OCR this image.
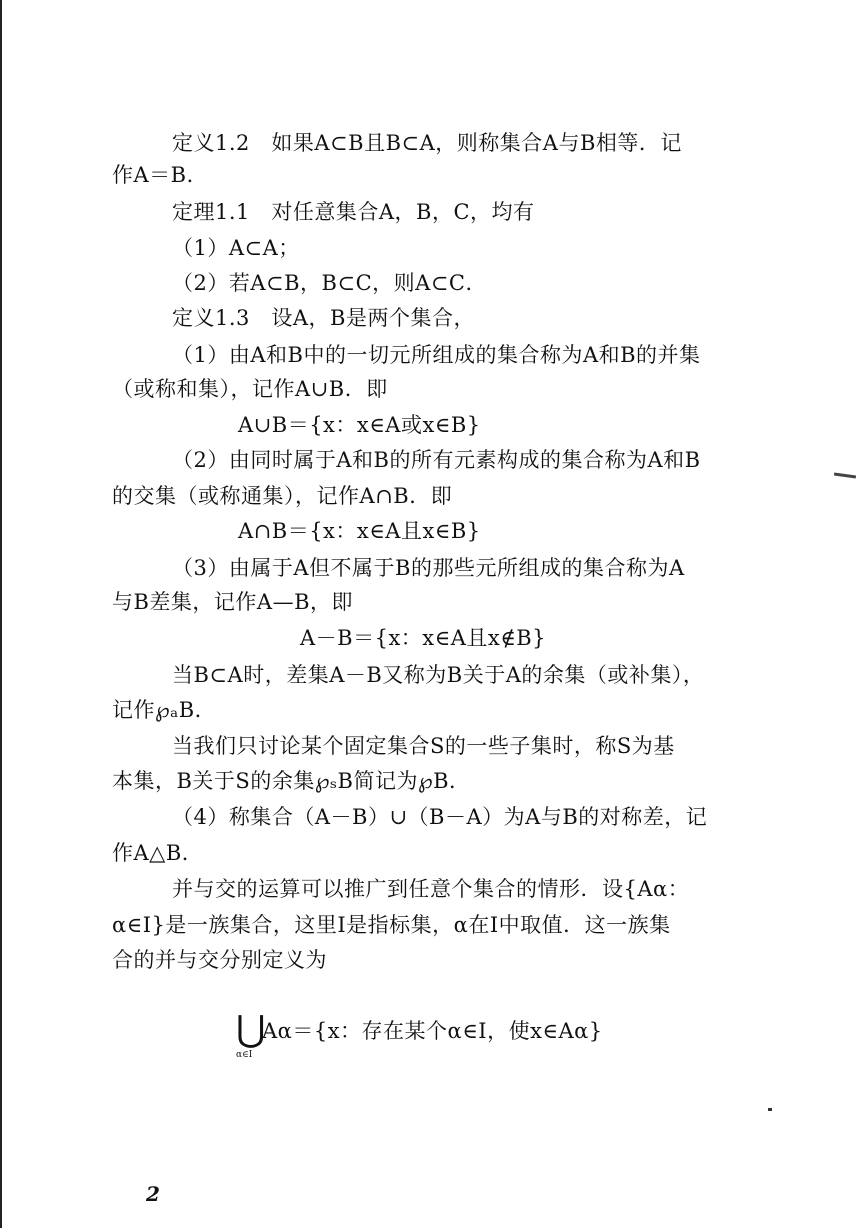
定义1.2　如果A⊂B且B⊂A，则称集合A与B相等．记
作A＝B．
定理1.1　对任意集合A，B，C，均有
（1）A⊂A；
（2）若A⊂B，B⊂C，则A⊂C．
定义1.3　设A，B是两个集合，
（1）由A和B中的一切元所组成的集合称为A和B的并集
（或称和集），记作A∪B．即
A∪B＝{x：x∈A或x∈B}
（2）由同时属于A和B的所有元素构成的集合称为A和B
的交集（或称通集），记作A∩B．即
A∩B＝{x：x∈A且x∈B}
（3）由属于A但不属于B的那些元所组成的集合称为A
与B差集，记作A—B，即
A－B＝{x：x∈A且x∉B}
当B⊂A时，差集A－B又称为B关于A的余集（或补集），
记作℘ₐB．
当我们只讨论某个固定集合S的一些子集时，称S为基
本集，B关于S的余集℘ₛB简记为℘B．
（4）称集合（A－B）∪（B－A）为A与B的对称差，记
作A△B．
并与交的运算可以推广到任意个集合的情形．设{Aα：
α∈I}是一族集合，这里I是指标集，α在I中取值．这一族集
合的并与交分别定义为
⋃
α∈I
Aα＝{x：存在某个α∈I，使x∈Aα}
2
